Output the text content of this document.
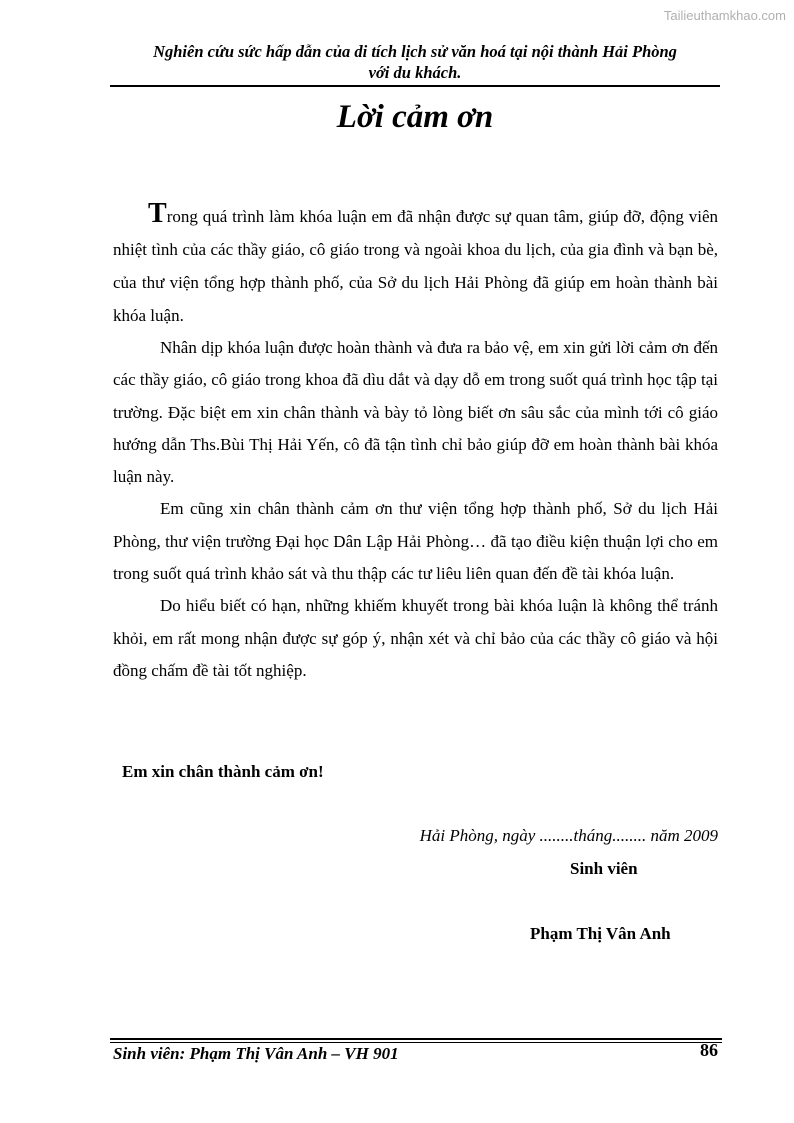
Tailieuthamkhao.com
Nghiên cứu sức hấp dẫn của di tích lịch sử văn hoá tại nội thành Hải Phòng
với du khách.
Lời cảm ơn

Trong quá trình làm khóa luận em đã nhận được sự quan tâm, giúp đỡ, động viên nhiệt tình của các thầy giáo, cô giáo trong và ngoài khoa du lịch, của gia đình và bạn bè, của thư viện tổng hợp thành phố, của Sở du lịch Hải Phòng đã giúp em hoàn thành bài khóa luận.

Nhân dịp khóa luận được hoàn thành và đưa ra bảo vệ, em xin gửi lời cảm ơn đến các thầy giáo, cô giáo trong khoa đã dìu dắt và dạy dỗ em trong suốt quá trình học tập tại trường. Đặc biệt em xin chân thành và bày tỏ lòng biết ơn sâu sắc của mình tới cô giáo hướng dẫn Ths.Bùi Thị Hải Yến, cô đã tận tình chỉ bảo giúp đỡ em hoàn thành bài khóa luận này.

Em cũng xin chân thành cảm ơn thư viện tổng hợp thành phố, Sở du lịch Hải Phòng, thư viện trường Đại học Dân Lập Hải Phòng… đã tạo điều kiện thuận lợi cho em trong suốt quá trình khảo sát và thu thập các tư liêu liên quan đến đề tài khóa luận.

Do hiểu biết có hạn, những khiếm khuyết trong bài khóa luận là không thể tránh khỏi, em rất mong nhận được sự góp ý, nhận xét và chỉ bảo của các thầy cô giáo và hội đồng chấm đề tài tốt nghiệp.

Em xin chân thành cảm ơn!
Hải Phòng, ngày ........tháng........ năm 2009
Sinh viên
Phạm Thị Vân Anh
Sinh viên: Phạm Thị Vân Anh – VH 901	86
